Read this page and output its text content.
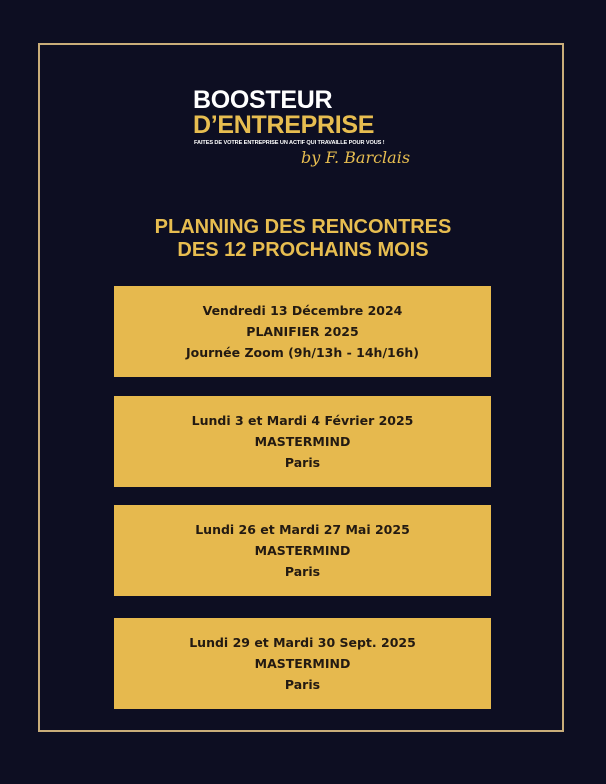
BOOSTEUR
D’ENTREPRISE
FAITES DE VOTRE ENTREPRISE UN ACTIF QUI TRAVAILLE POUR VOUS !
by F. Barclais
PLANNING DES RENCONTRES
DES 12 PROCHAINS MOIS
Vendredi 13 Décembre 2024
PLANIFIER 2025
Journée Zoom (9h/13h - 14h/16h)
Lundi 3 et Mardi 4 Février 2025
MASTERMIND
Paris
Lundi 26 et Mardi 27 Mai 2025
MASTERMIND
Paris
Lundi 29 et Mardi 30 Sept. 2025
MASTERMIND
Paris
